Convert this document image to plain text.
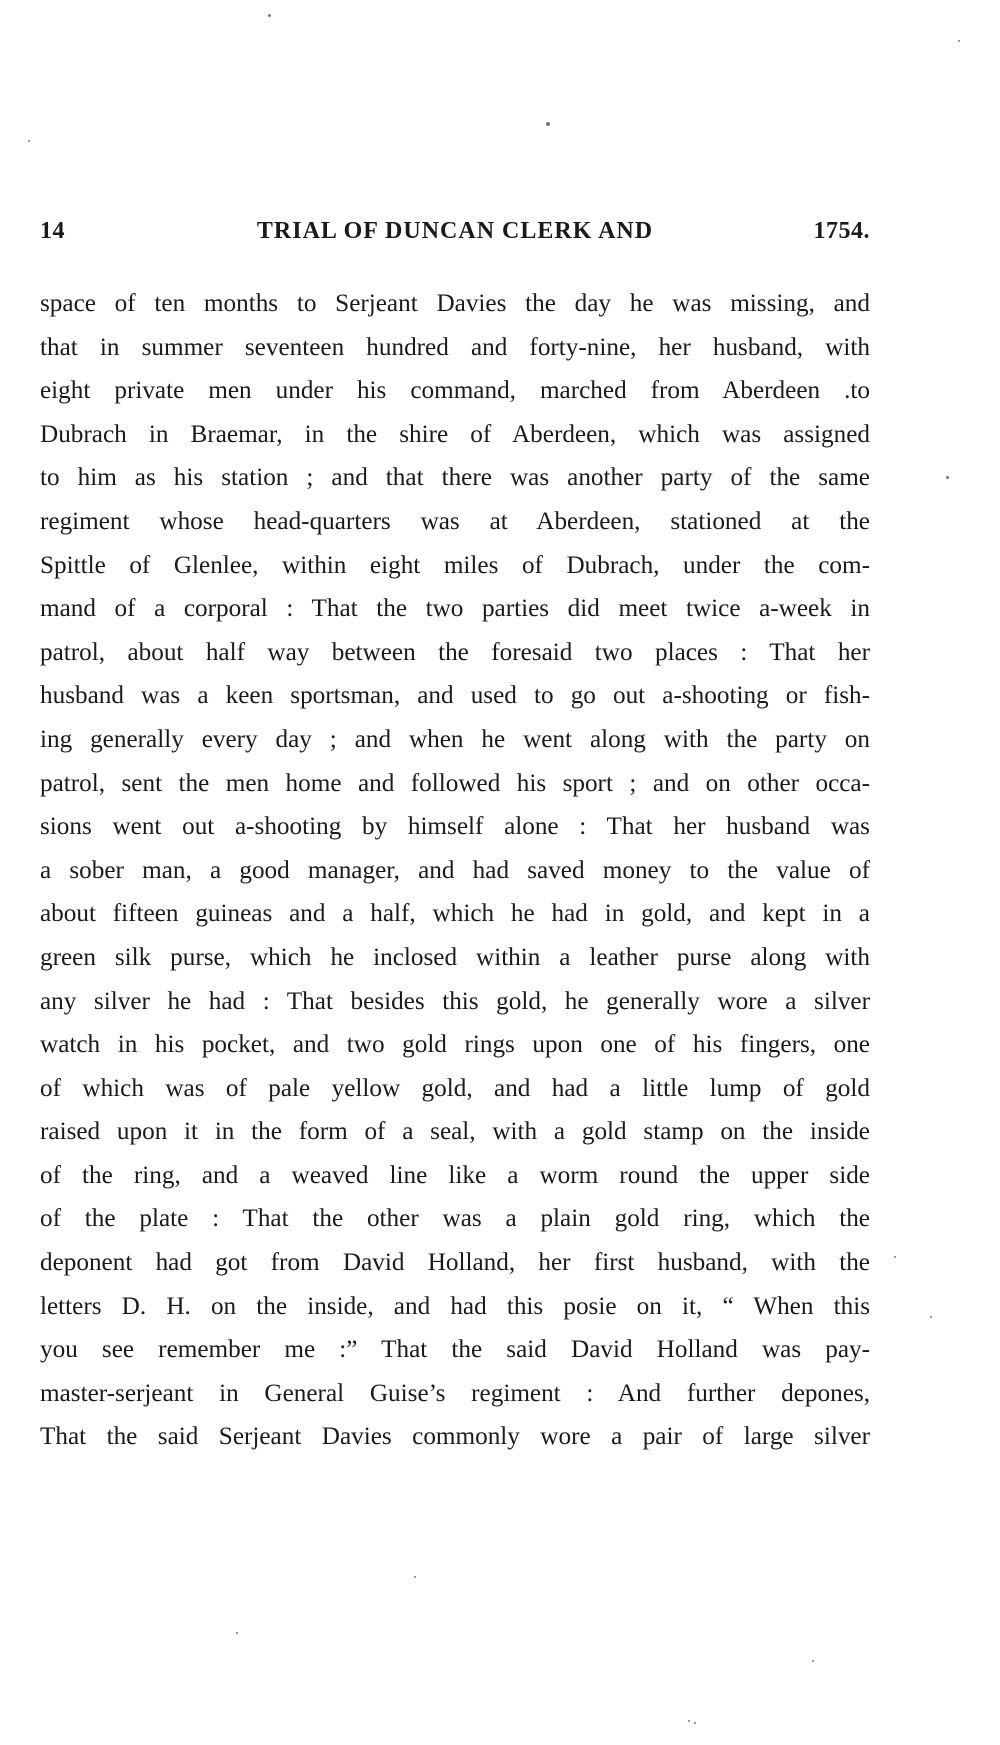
14	TRIAL OF DUNCAN CLERK AND	1754.
space of ten months to Serjeant Davies the day he was missing, and
that in summer seventeen hundred and forty-nine, her husband, with
eight private men under his command, marched from Aberdeen .to
Dubrach in Braemar, in the shire of Aberdeen, which was assigned
to him as his station ; and that there was another party of the same
regiment whose head-quarters was at Aberdeen, stationed at the
Spittle of Glenlee, within eight miles of Dubrach, under the com-
mand of a corporal : That the two parties did meet twice a-week in
patrol, about half way between the foresaid two places : That her
husband was a keen sportsman, and used to go out a-shooting or fish-
ing generally every day ; and when he went along with the party on
patrol, sent the men home and followed his sport ; and on other occa-
sions went out a-shooting by himself alone : That her husband was
a sober man, a good manager, and had saved money to the value of
about fifteen guineas and a half, which he had in gold, and kept in a
green silk purse, which he inclosed within a leather purse along with
any silver he had : That besides this gold, he generally wore a silver
watch in his pocket, and two gold rings upon one of his fingers, one
of which was of pale yellow gold, and had a little lump of gold
raised upon it in the form of a seal, with a gold stamp on the inside
of the ring, and a weaved line like a worm round the upper side
of the plate : That the other was a plain gold ring, which the
deponent had got from David Holland, her first husband, with the
letters D. H. on the inside, and had this posie on it, “ When this
you see remember me :” That the said David Holland was pay-
master-serjeant in General Guise’s regiment : And further depones,
That the said Serjeant Davies commonly wore a pair of large silver
